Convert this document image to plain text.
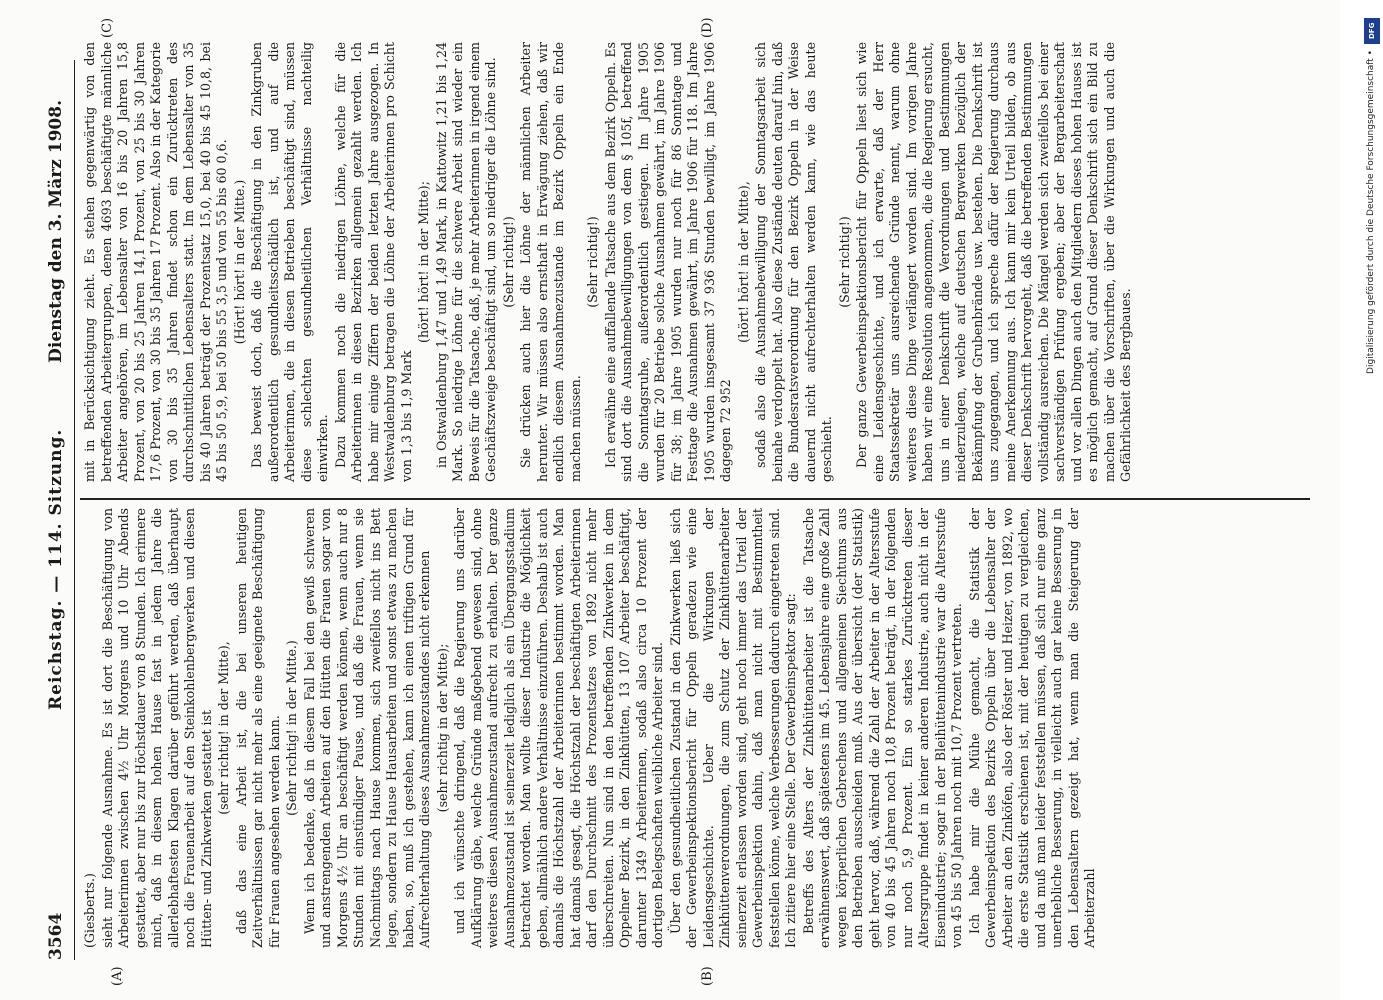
3564
Reichstag. — 114. Sitzung.
Dienstag den 3. März 1908.
(A)	(B)
(C)	(D)

(Giesberts.) sieht nur folgende Ausnahme. Es ist dort die Beschäftigung von Arbeiterinnen zwischen 4½ Uhr Morgens und 10 Uhr Abends gestattet, aber nur bis zur Höchstdauer von 8 Stunden. Ich erinnere mich, daß in diesem hohen Hause fast in jedem Jahre die allerlebhaftesten Klagen darüber geführt werden, daß überhaupt noch die Frauenarbeit auf den Steinkohlenbergwerken und diesen Hütten- und Zinkwerken gestattet ist (sehr richtig! in der Mitte), daß das eine Arbeit ist, die bei unseren heutigen Zeitverhältnissen gar nicht mehr als eine geeignete Beschäftigung für Frauen angesehen werden kann. (Sehr richtig! in der Mitte.) Wenn ich bedenke, daß in diesem Fall bei den gewiß schweren und anstrengenden Arbeiten auf den Hütten die Frauen sogar von Morgens 4½ Uhr an beschäftigt werden können, wenn auch nur 8 Stunden mit einstündiger Pause, und daß die Frauen, wenn sie Nachmittags nach Hause kommen, sich zweifellos nicht ins Bett legen, sondern zu Hause Hausarbeiten und sonst etwas zu machen haben, so, muß ich gestehen, kann ich einen triftigen Grund für Aufrechterhaltung dieses Ausnahmezustandes nicht erkennen (sehr richtig in der Mitte); und ich wünschte dringend, daß die Regierung uns darüber Aufklärung gäbe, welche Gründe maßgebend gewesen sind, ohne weiteres diesen Ausnahmezustand aufrecht zu erhalten. Der ganze Ausnahmezustand ist seinerzeit lediglich als ein Übergangsstadium betrachtet worden. Man wollte dieser Industrie die Möglichkeit geben, allmählich andere Verhältnisse einzuführen. Deshalb ist auch damals die Höchstzahl der Arbeiterinnen bestimmt worden. Man hat damals gesagt, die Höchstzahl der beschäftigten Arbeiterinnen darf den Durchschnitt des Prozentsatzes von 1892 nicht mehr überschreiten. Nun sind in den betreffenden Zinkwerken in dem Oppelner Bezirk, in den Zinkhütten, 13 107 Arbeiter beschäftigt, darunter 1349 Arbeiterinnen, sodaß also circa 10 Prozent der dortigen Belegschaften weibliche Arbeiter sind. Über den gesundheitlichen Zustand in den Zinkwerken ließ sich der Gewerbeinspektionsbericht für Oppeln geradezu wie eine Leidensgeschichte. Ueber die Wirkungen der Zinkhüttenverordnungen, die zum Schutz der Zinkhüttenarbeiter seinerzeit erlassen worden sind, geht noch immer das Urteil der Gewerbeinspektion dahin, daß man nicht mit Bestimmtheit feststellen könne, welche Verbesserungen dadurch eingetreten sind. Ich zitiere hier eine Stelle. Der Gewerbeinspektor sagt: Betreffs des Alters der Zinkhüttenarbeiter ist die Tatsache erwähnenswert, daß spätestens im 45. Lebensjahre eine große Zahl wegen körperlichen Gebrechens und allgemeinen Siechtums aus den Betrieben ausscheiden muß. Aus der übersicht (der Statistik) geht hervor, daß, während die Zahl der Arbeiter in der Altersstufe von 40 bis 45 Jahren noch 10,8 Prozent beträgt, in der folgenden nur noch 5,9 Prozent. Ein so starkes Zurücktreten dieser Altersgruppe findet in keiner anderen Industrie, auch nicht in der Eisenindustrie; sogar in der Bleihüttenindustrie war die Altersstufe von 45 bis 50 Jahren noch mit 10,7 Prozent vertreten. Ich habe mir die Mühe gemacht, die Statistik der Gewerbeinspektion des Bezirks Oppeln über die Lebensalter der Arbeiter an den Zinköfen, also der Röster und Heizer, von 1892, wo die erste Statistik erschienen ist, mit der heutigen zu vergleichen, und da muß man leider feststellen müssen, daß sich nur eine ganz unerhebliche Besserung, in vielleicht auch gar keine Besserung in den Lebensaltern gezeigt hat, wenn man die Steigerung der Arbeiterzahl

mit in Berücksichtigung zieht. Es stehen gegenwärtig von den betreffenden Arbeitergruppen, denen 4693 beschäftigte männliche Arbeiter angehören, im Lebensalter von 16 bis 20 Jahren 15,8 Prozent, von 20 bis 25 Jahren 14,1 Prozent, von 25 bis 30 Jahren 17,6 Prozent, von 30 bis 35 Jahren 17 Prozent. Also in der Kategorie von 30 bis 35 Jahren findet schon ein Zurücktreten des durchschnittlichen Lebensalters statt. Im dem Lebensalter von 35 bis 40 Jahren beträgt der Prozentsatz 15,0, bei 40 bis 45 10,8, bei 45 bis 50 5,9, bei 50 bis 55 3,5 und von 55 bis 60 0,6. (Hört! hört! in der Mitte.) Das beweist doch, daß die Beschäftigung in den Zinkgruben außerordentlich gesundheitsschädlich ist, und auf die Arbeiterinnen, die in diesen Betrieben beschäftigt sind, müssen diese schlechten gesundheitlichen Verhältnisse nachteilig einwirken. Dazu kommen noch die niedrigen Löhne, welche für die Arbeiterinnen in diesen Bezirken allgemein gezahlt werden. Ich habe mir einige Ziffern der beiden letzten Jahre ausgezogen. In Westwaldenburg betragen die Löhne der Arbeiterinnen pro Schicht von 1,3 bis 1,9 Mark

(hört! hört! in der Mitte); in Ostwaldenburg 1,47 und 1,49 Mark, in Kattowitz 1,21 bis 1,24 Mark. So niedrige Löhne für die schwere Arbeit sind wieder ein Beweis für die Tatsache, daß, je mehr Arbeiterinnen in irgend einem Geschäftszweige beschäftigt sind, um so niedriger die Löhne sind. (Sehr richtig!) Sie drücken auch hier die Löhne der männlichen Arbeiter herunter. Wir müssen also ernsthaft in Erwägung ziehen, daß wir endlich diesem Ausnahmezustande im Bezirk Oppeln ein Ende machen müssen.

(Sehr richtig!) Ich erwähne eine auffallende Tatsache aus dem Bezirk Oppeln. Es sind dort die Ausnahmebewilligungen von dem § 105f, betreffend die Sonntagsruhe, außerordentlich gestiegen. Im Jahre 1905 wurden für 20 Betriebe solche Ausnahmen gewährt, im Jahre 1906 für 38; im Jahre 1905 wurden nur noch für 86 Sonntage und Festtage die Ausnahmen gewährt, im Jahre 1906 für 118. Im Jahre 1905 wurden insgesamt 37 936 Stunden bewilligt, im Jahre 1906 dagegen 72 952

(hört! hört! in der Mitte), sodaß also die Ausnahmebewilligung der Sonntagsarbeit sich beinahe verdoppelt hat. Also diese Zustände deuten darauf hin, daß die Bundesratsverordnung für den Bezirk Oppeln in der Weise dauernd nicht aufrechterhalten werden kann, wie das heute geschieht.

(Sehr richtig!) Der ganze Gewerbeinspektionsbericht für Oppeln liest sich wie eine Leidensgeschichte, und ich erwarte, daß der Herr Staatssekretär uns ausreichende Gründe nennt, warum ohne weiteres diese Dinge verlängert worden sind. Im vorigen Jahre haben wir eine Resolution angenommen, die die Regierung ersucht, uns in einer Denkschrift die Verordnungen und Bestimmungen niederzulegen, welche auf deutschen Bergwerken bezüglich der Bekämpfung der Grubenbrände usw. bestehen. Die Denkschrift ist uns zugegangen, und ich spreche dafür der Regierung durchaus meine Anerkennung aus. Ich kann mir kein Urteil bilden, ob aus dieser Denkschrift hervorgeht, daß die betreffenden Bestimmungen vollständig ausreichen. Die Mängel werden sich zweifellos bei einer sachverständigen Prüfung ergeben; aber der Bergarbeiterschaft und vor allen Dingen auch den Mitgliedern dieses hohen Hauses ist es möglich gemacht, auf Grund dieser Denkschrift sich ein Bild zu machen über die Vorschriften, über die Wirkungen und auch die Gefährlichkeit des Bergbaues.

DFG
Digitalisierung gefördert durch die Deutsche Forschungsgemeinschaft •
